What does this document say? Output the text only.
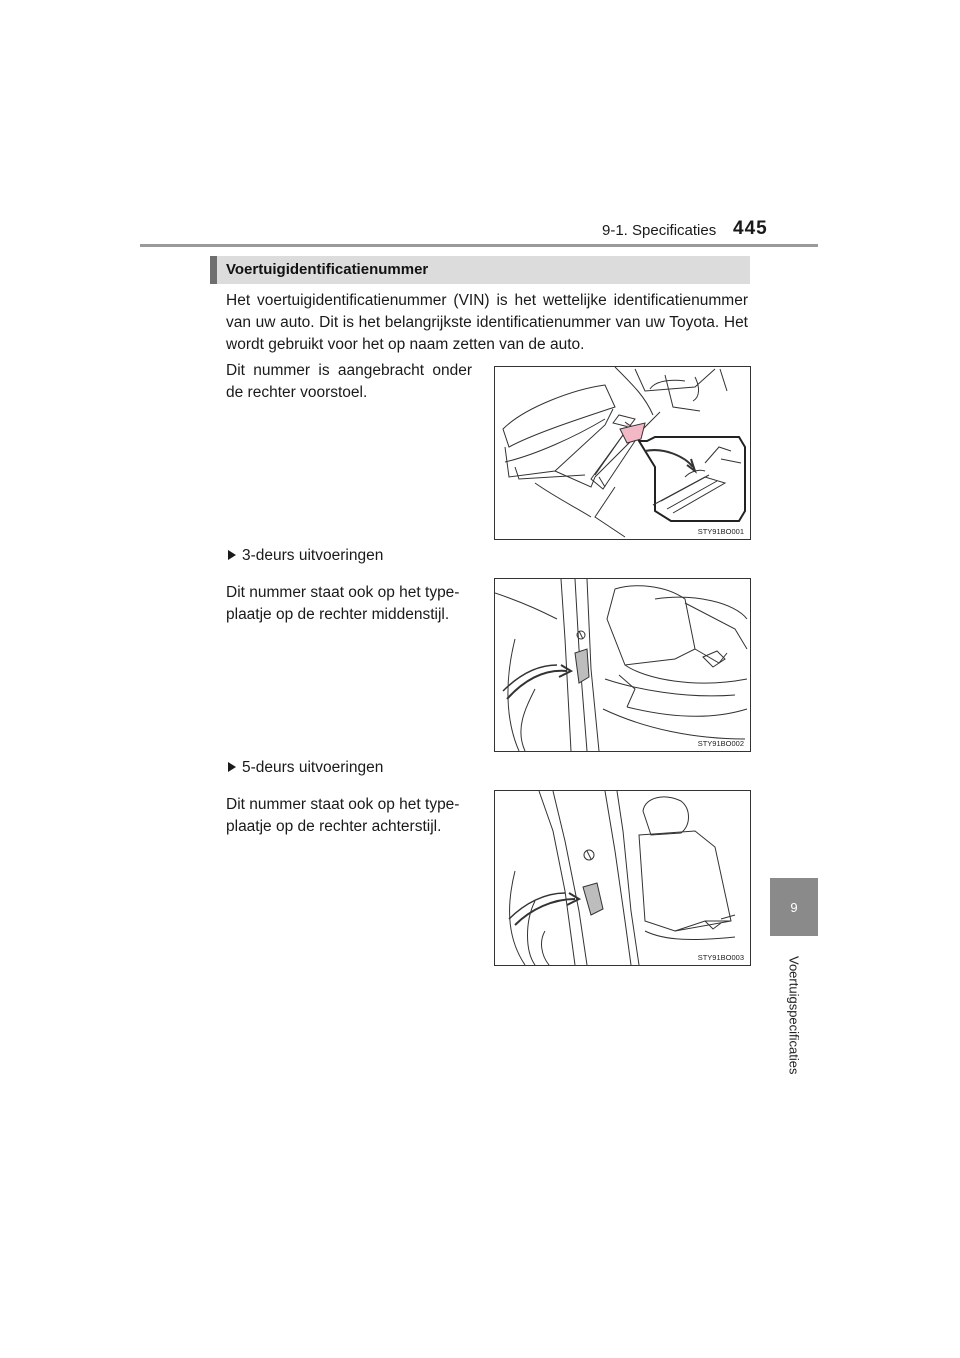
9-1. Specificaties 445
9
Voertuigspecificaties
Voertuigidentificatienummer
Het voertuigidentificatienummer (VIN) is het wettelijke identificatienummer van uw auto. Dit is het belangrijkste identificatienummer van uw Toyota. Het wordt gebruikt voor het op naam zetten van de auto.
Dit nummer is aangebracht onder de rechter voorstoel.
STY91BO001
3-deurs uitvoeringen
Dit nummer staat ook op het type-plaatje op de rechter middenstijl.
STY91BO002
5-deurs uitvoeringen
Dit nummer staat ook op het type-plaatje op de rechter achterstijl.
STY91BO003
